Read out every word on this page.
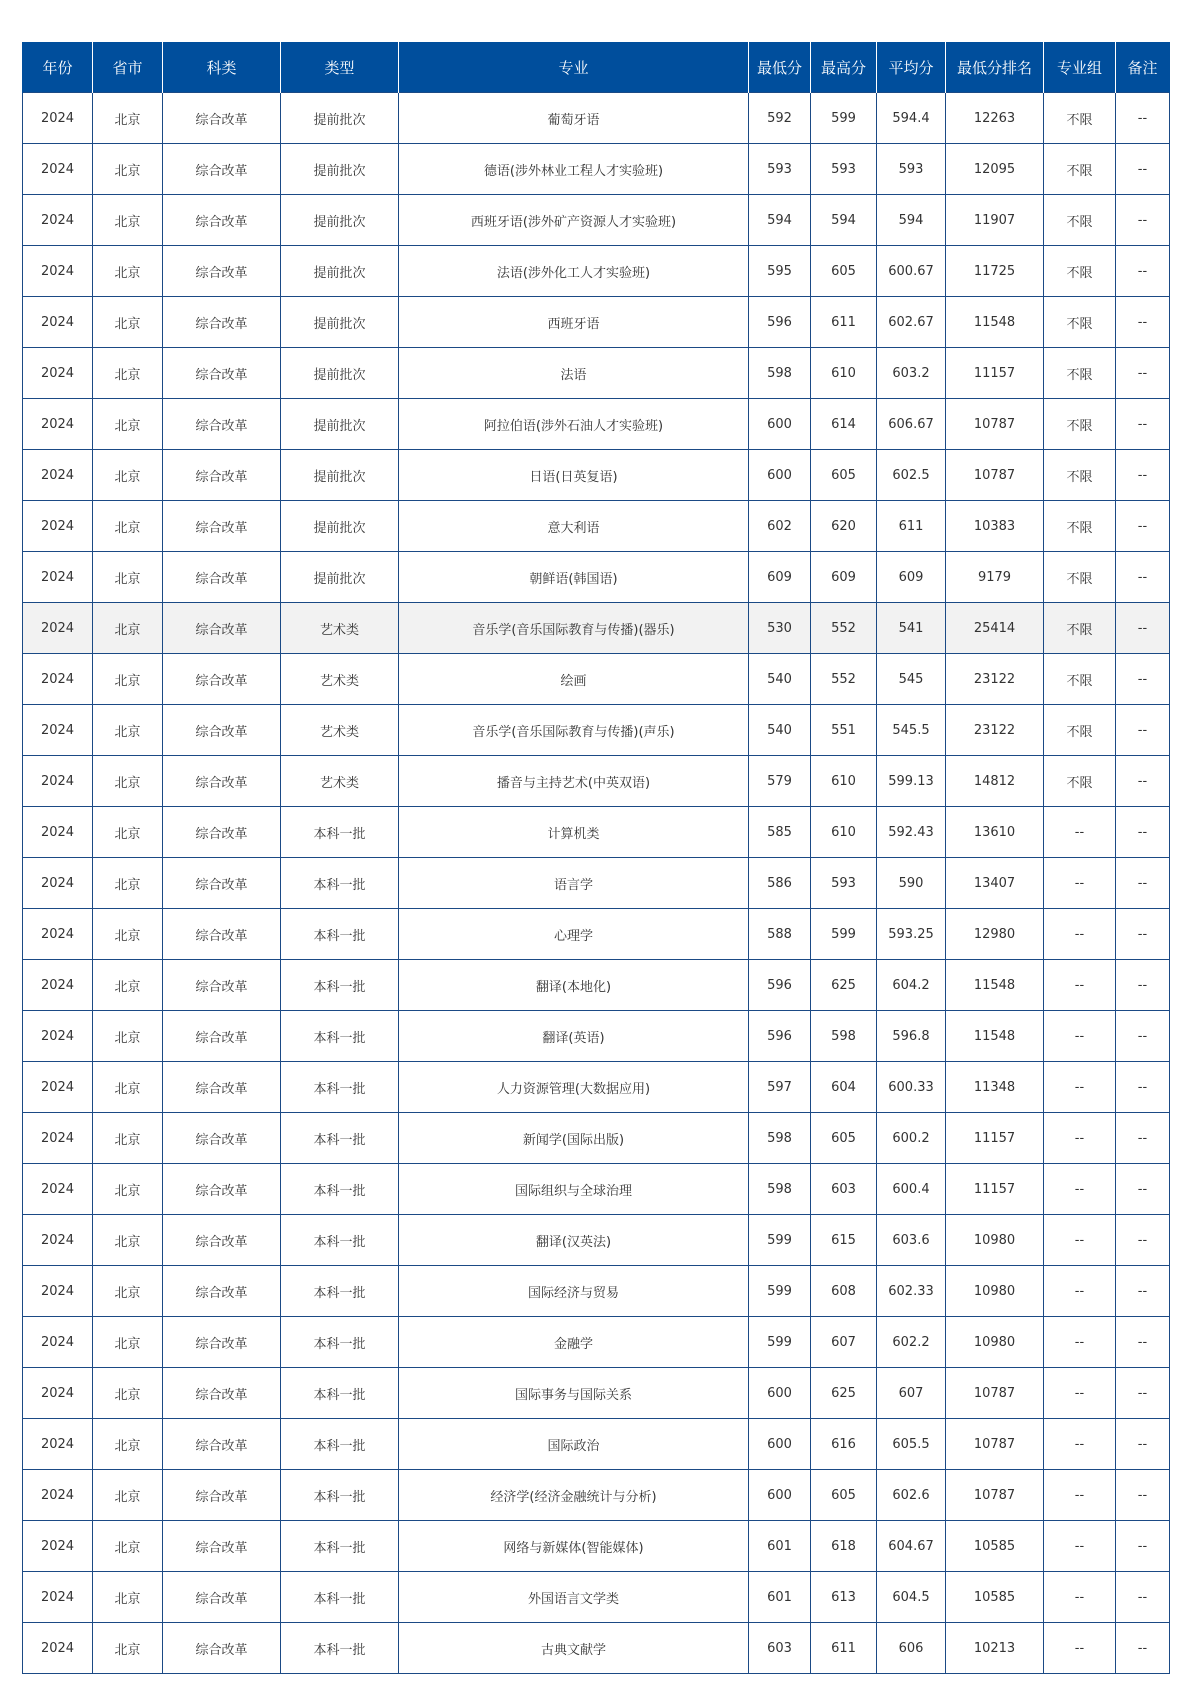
年份	省市	科类	类型	专业	最低分	最高分	平均分	最低分排名	专业组	备注
2024	北京	综合改革	提前批次	葡萄牙语	592	599	594.4	12263	不限	--
2024	北京	综合改革	提前批次	德语(涉外林业工程人才实验班)	593	593	593	12095	不限	--
2024	北京	综合改革	提前批次	西班牙语(涉外矿产资源人才实验班)	594	594	594	11907	不限	--
2024	北京	综合改革	提前批次	法语(涉外化工人才实验班)	595	605	600.67	11725	不限	--
2024	北京	综合改革	提前批次	西班牙语	596	611	602.67	11548	不限	--
2024	北京	综合改革	提前批次	法语	598	610	603.2	11157	不限	--
2024	北京	综合改革	提前批次	阿拉伯语(涉外石油人才实验班)	600	614	606.67	10787	不限	--
2024	北京	综合改革	提前批次	日语(日英复语)	600	605	602.5	10787	不限	--
2024	北京	综合改革	提前批次	意大利语	602	620	611	10383	不限	--
2024	北京	综合改革	提前批次	朝鲜语(韩国语)	609	609	609	9179	不限	--
2024	北京	综合改革	艺术类	音乐学(音乐国际教育与传播)(器乐)	530	552	541	25414	不限	--
2024	北京	综合改革	艺术类	绘画	540	552	545	23122	不限	--
2024	北京	综合改革	艺术类	音乐学(音乐国际教育与传播)(声乐)	540	551	545.5	23122	不限	--
2024	北京	综合改革	艺术类	播音与主持艺术(中英双语)	579	610	599.13	14812	不限	--
2024	北京	综合改革	本科一批	计算机类	585	610	592.43	13610	--	--
2024	北京	综合改革	本科一批	语言学	586	593	590	13407	--	--
2024	北京	综合改革	本科一批	心理学	588	599	593.25	12980	--	--
2024	北京	综合改革	本科一批	翻译(本地化)	596	625	604.2	11548	--	--
2024	北京	综合改革	本科一批	翻译(英语)	596	598	596.8	11548	--	--
2024	北京	综合改革	本科一批	人力资源管理(大数据应用)	597	604	600.33	11348	--	--
2024	北京	综合改革	本科一批	新闻学(国际出版)	598	605	600.2	11157	--	--
2024	北京	综合改革	本科一批	国际组织与全球治理	598	603	600.4	11157	--	--
2024	北京	综合改革	本科一批	翻译(汉英法)	599	615	603.6	10980	--	--
2024	北京	综合改革	本科一批	国际经济与贸易	599	608	602.33	10980	--	--
2024	北京	综合改革	本科一批	金融学	599	607	602.2	10980	--	--
2024	北京	综合改革	本科一批	国际事务与国际关系	600	625	607	10787	--	--
2024	北京	综合改革	本科一批	国际政治	600	616	605.5	10787	--	--
2024	北京	综合改革	本科一批	经济学(经济金融统计与分析)	600	605	602.6	10787	--	--
2024	北京	综合改革	本科一批	网络与新媒体(智能媒体)	601	618	604.67	10585	--	--
2024	北京	综合改革	本科一批	外国语言文学类	601	613	604.5	10585	--	--
2024	北京	综合改革	本科一批	古典文献学	603	611	606	10213	--	--
